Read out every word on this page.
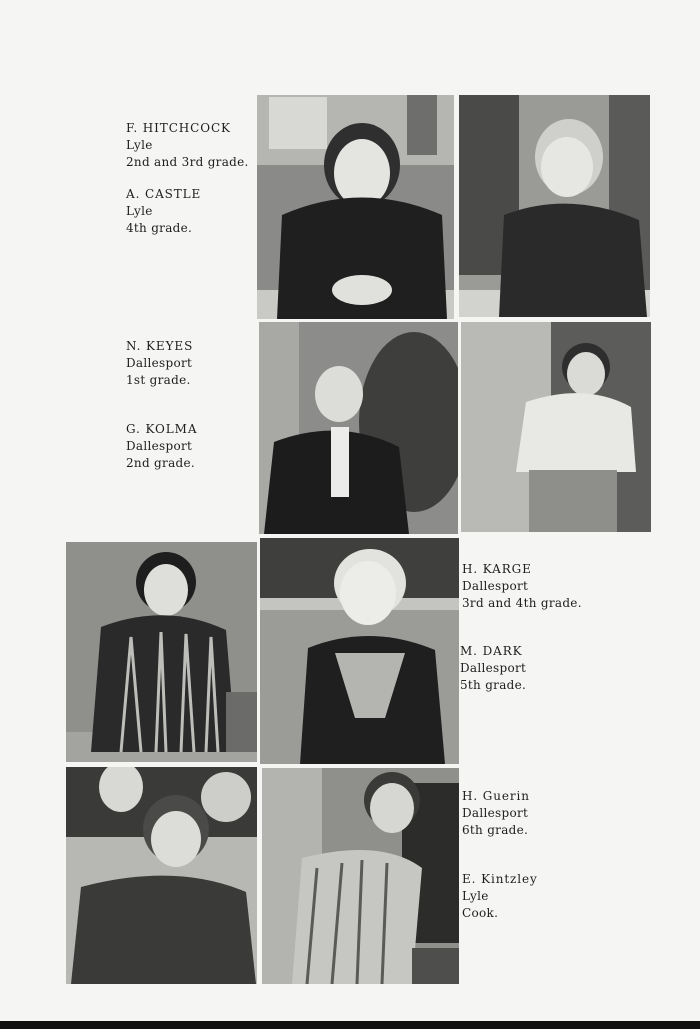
F. HITCHCOCK
Lyle
2nd and 3rd grade.
A. CASTLE
Lyle
4th grade.
N. KEYES
Dallesport
1st grade.
G. KOLMA
Dallesport
2nd grade.
H. KARGE
Dallesport
3rd and 4th grade.
M. DARK
Dallesport
5th grade.
H. Guerin
Dallesport
6th grade.
E. Kintzley
Lyle
Cook.
